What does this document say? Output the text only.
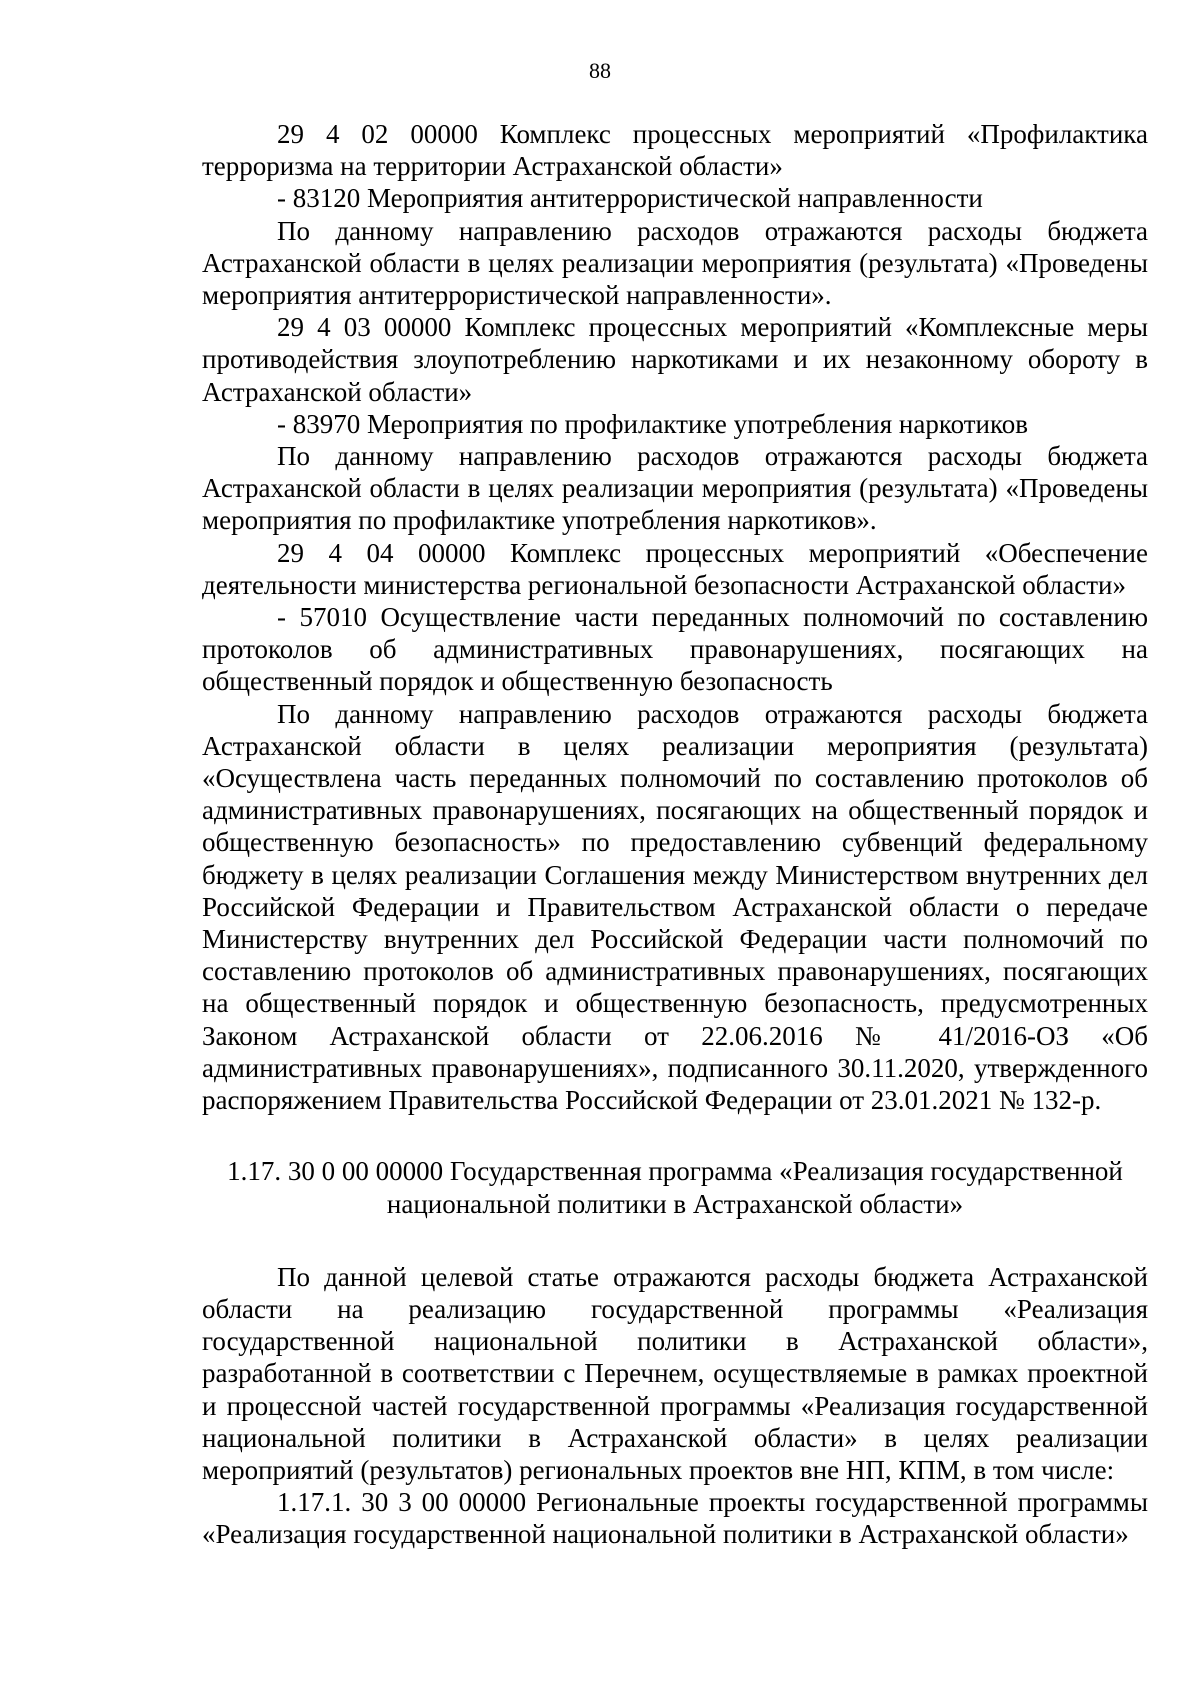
88

29 4 02 00000 Комплекс процессных мероприятий «Профилактика терроризма на территории Астраханской области»

- 83120 Мероприятия антитеррористической направленности

По данному направлению расходов отражаются расходы бюджета Астраханской области в целях реализации мероприятия (результата) «Проведены мероприятия антитеррористической направленности».

29 4 03 00000 Комплекс процессных мероприятий «Комплексные меры противодействия злоупотреблению наркотиками и их незаконному обороту в Астраханской области»

- 83970 Мероприятия по профилактике употребления наркотиков

По данному направлению расходов отражаются расходы бюджета Астраханской области в целях реализации мероприятия (результата) «Проведены мероприятия по профилактике употребления наркотиков».

29 4 04 00000 Комплекс процессных мероприятий «Обеспечение деятельности министерства региональной безопасности Астраханской области»

- 57010 Осуществление части переданных полномочий по составлению протоколов об административных правонарушениях, посягающих на общественный порядок и общественную безопасность

По данному направлению расходов отражаются расходы бюджета Астраханской области в целях реализации мероприятия (результата) «Осуществлена часть переданных полномочий по составлению протоколов об административных правонарушениях, посягающих на общественный порядок и общественную безопасность» по предоставлению субвенций федеральному бюджету в целях реализации Соглашения между Министерством внутренних дел Российской Федерации и Правительством Астраханской области о передаче Министерству внутренних дел Российской Федерации части полномочий по составлению протоколов об административных правонарушениях, посягающих на общественный порядок и общественную безопасность, предусмотренных Законом Астраханской области от 22.06.2016 № 41/2016-ОЗ «Об административных правонарушениях», подписанного 30.11.2020, утвержденного распоряжением Правительства Российской Федерации от 23.01.2021 № 132-р.

1.17. 30 0 00 00000 Государственная программа «Реализация государственной
национальной политики в Астраханской области»

По данной целевой статье отражаются расходы бюджета Астраханской области на реализацию государственной программы «Реализация государственной национальной политики в Астраханской области», разработанной в соответствии с Перечнем, осуществляемые в рамках проектной и процессной частей государственной программы «Реализация государственной национальной политики в Астраханской области» в целях реализации мероприятий (результатов) региональных проектов вне НП, КПМ, в том числе:

1.17.1. 30 3 00 00000 Региональные проекты государственной программы «Реализация государственной национальной политики в Астраханской области»
